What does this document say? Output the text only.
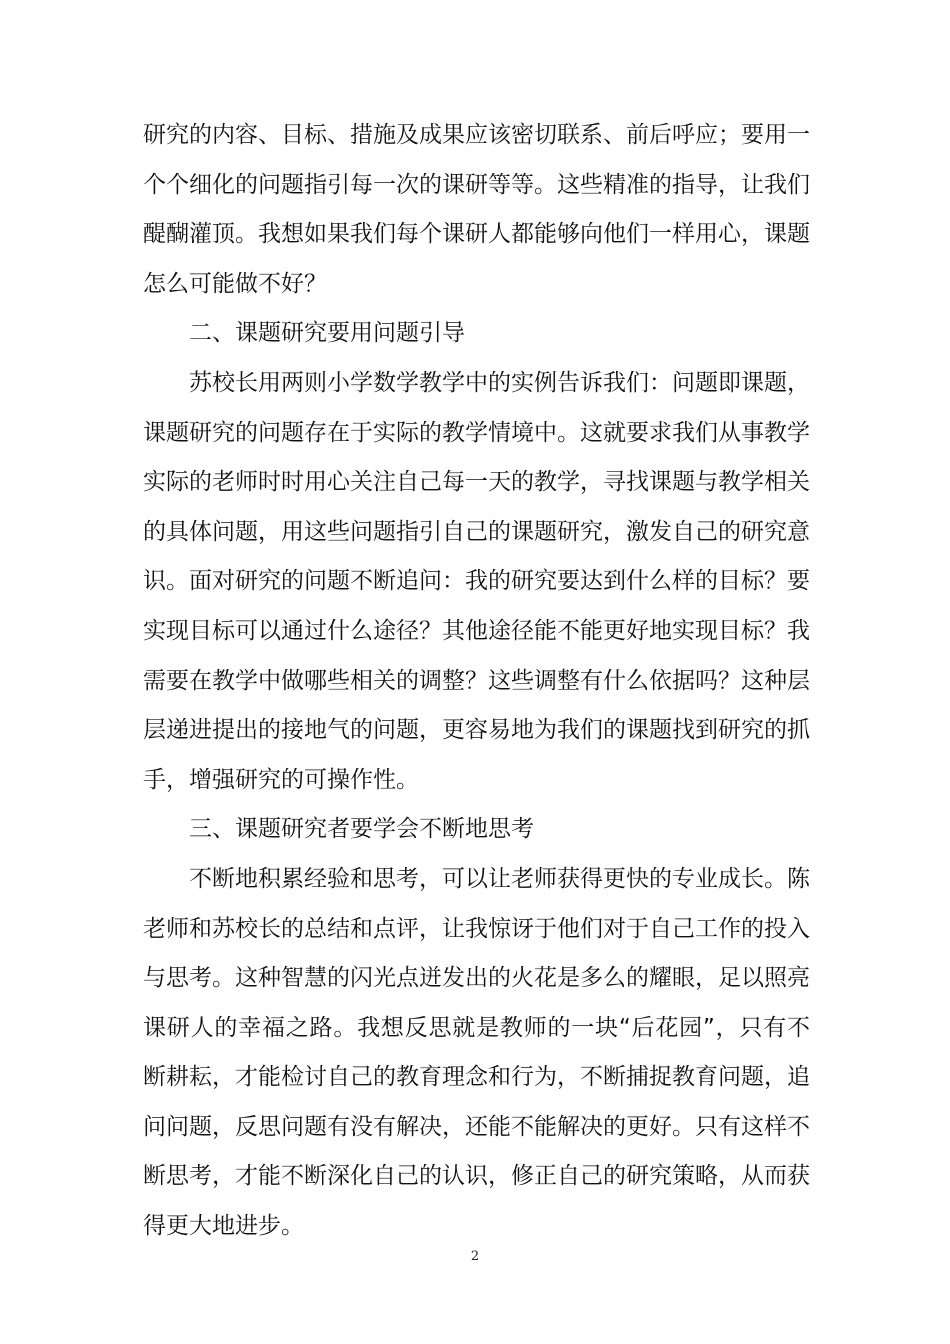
研究的内容、目标、措施及成果应该密切联系、前后呼应；要用一个个细化的问题指引每一次的课研等等。这些精准的指导，让我们醍醐灌顶。我想如果我们每个课研人都能够向他们一样用心，课题怎么可能做不好？

二、课题研究要用问题引导

苏校长用两则小学数学教学中的实例告诉我们：问题即课题，课题研究的问题存在于实际的教学情境中。这就要求我们从事教学实际的老师时时用心关注自己每一天的教学，寻找课题与教学相关的具体问题，用这些问题指引自己的课题研究，激发自己的研究意识。面对研究的问题不断追问：我的研究要达到什么样的目标？要实现目标可以通过什么途径？其他途径能不能更好地实现目标？我需要在教学中做哪些相关的调整？这些调整有什么依据吗？这种层层递进提出的接地气的问题，更容易地为我们的课题找到研究的抓手，增强研究的可操作性。

三、课题研究者要学会不断地思考

不断地积累经验和思考，可以让老师获得更快的专业成长。陈老师和苏校长的总结和点评，让我惊讶于他们对于自己工作的投入与思考。这种智慧的闪光点迸发出的火花是多么的耀眼，足以照亮课研人的幸福之路。我想反思就是教师的一块“后花园”，只有不断耕耘，才能检讨自己的教育理念和行为，不断捕捉教育问题，追问问题，反思问题有没有解决，还能不能解决的更好。只有这样不断思考，才能不断深化自己的认识，修正自己的研究策略，从而获得更大地进步。

2
